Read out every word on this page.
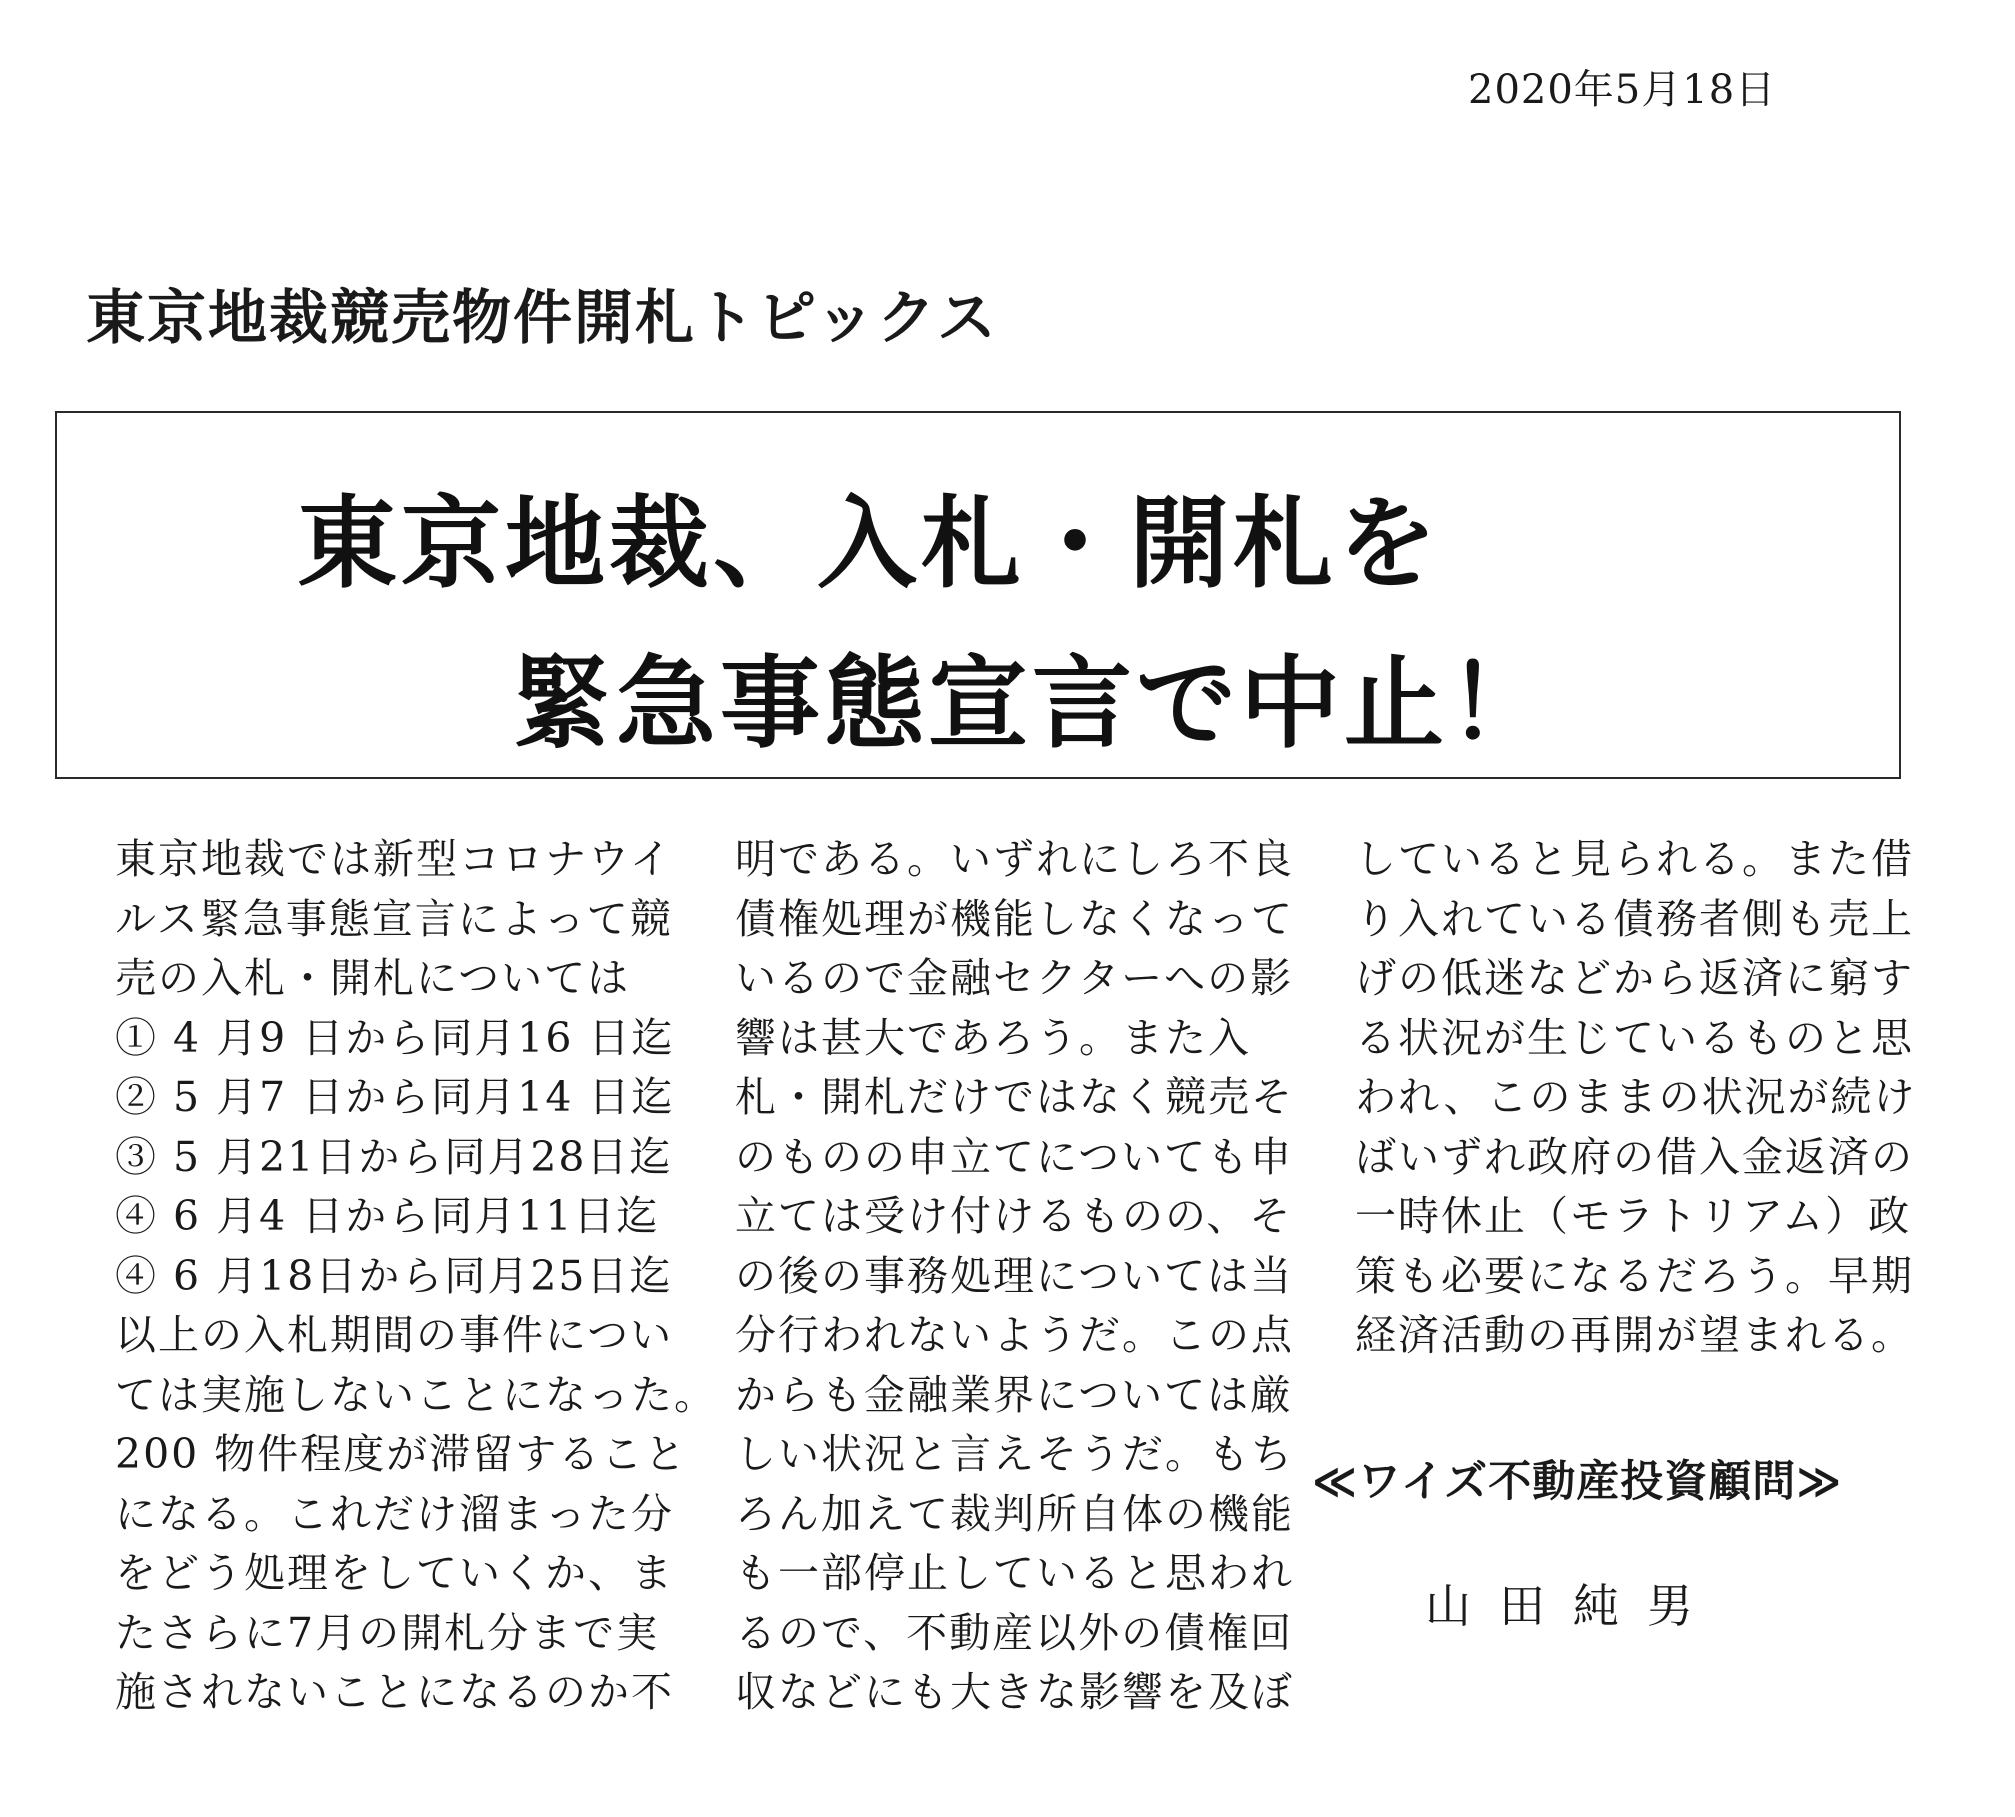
2020年5月18日
東京地裁競売物件開札トピックス
東京地裁、入札・開札を
緊急事態宣言で中止！
東京地裁では新型コロナウイ
ルス緊急事態宣言によって競
売の入札・開札については
① 4 月9 日から同月16 日迄
② 5 月7 日から同月14 日迄
③ 5 月21日から同月28日迄
④ 6 月4 日から同月11日迄
④ 6 月18日から同月25日迄
以上の入札期間の事件につい
ては実施しないことになった。
200 物件程度が滞留すること
になる。これだけ溜まった分
をどう処理をしていくか、ま
たさらに7月の開札分まで実
施されないことになるのか不
明である。いずれにしろ不良
債権処理が機能しなくなって
いるので金融セクターへの影
響は甚大であろう。また入
札・開札だけではなく競売そ
のものの申立てについても申
立ては受け付けるものの、そ
の後の事務処理については当
分行われないようだ。この点
からも金融業界については厳
しい状況と言えそうだ。もち
ろん加えて裁判所自体の機能
も一部停止していると思われ
るので、不動産以外の債権回
収などにも大きな影響を及ぼ
していると見られる。また借
り入れている債務者側も売上
げの低迷などから返済に窮す
る状況が生じているものと思
われ、このままの状況が続け
ばいずれ政府の借入金返済の
一時休止（モラトリアム）政
策も必要になるだろう。早期
経済活動の再開が望まれる。
≪ワイズ不動産投資顧問≫
山田純男
